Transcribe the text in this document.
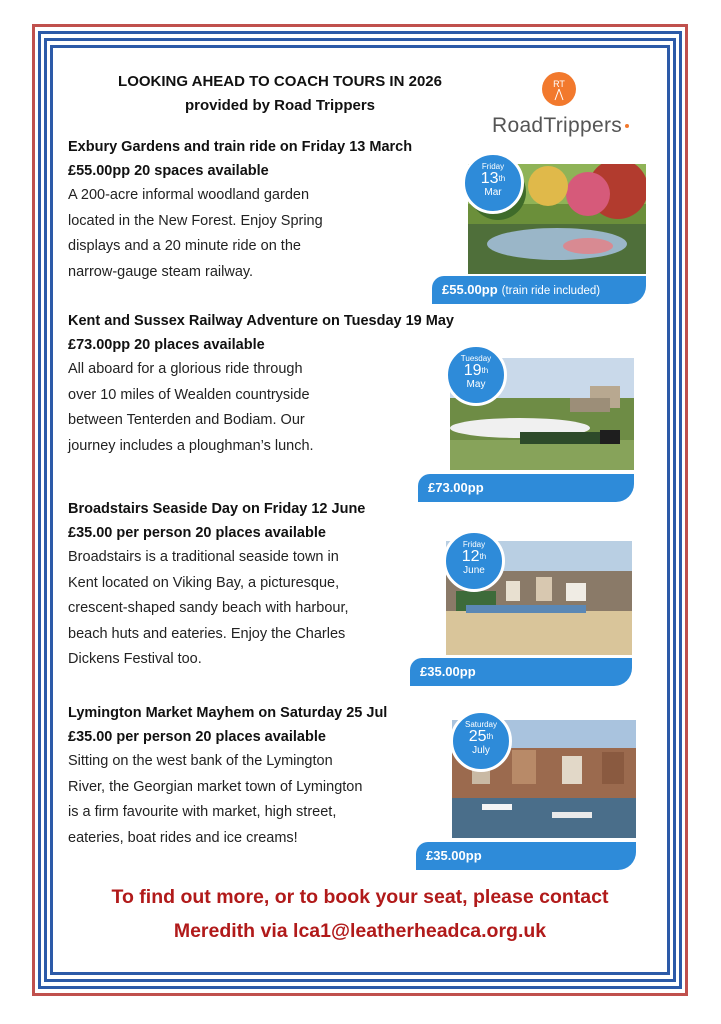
LOOKING AHEAD TO COACH TOURS IN 2026
provided by Road Trippers
RT
RoadTrippers
Exbury Gardens and train ride on Friday 13 March

£55.00pp 20 spaces available

A 200-acre informal woodland garden
located in the New Forest. Enjoy Spring
displays and a 20 minute ride on the
narrow-gauge steam railway.

£55.00pp (train ride included)
Friday
13th
Mar
Kent and Sussex Railway Adventure on Tuesday 19 May

£73.00pp 20 places available

All aboard for a glorious ride through
over 10 miles of Wealden countryside
between Tenterden and Bodiam. Our
journey includes a ploughman’s lunch.

£73.00pp
Tuesday
19th
May
Broadstairs Seaside Day on Friday 12 June

£35.00 per person 20 places available

Broadstairs is a traditional seaside town in
Kent located on Viking Bay, a picturesque,
crescent-shaped sandy beach with harbour,
beach huts and eateries. Enjoy the Charles
Dickens Festival too.

£35.00pp
Friday
12th
June
Lymington Market Mayhem on Saturday 25 Jul

£35.00 per person 20 places available

Sitting on the west bank of the Lymington
River, the Georgian market town of Lymington
is a firm favourite with market, high street,
eateries, boat rides and ice creams!

£35.00pp
Saturday
25th
July
To find out more, or to book your seat, please contact
Meredith via lca1@leatherheadca.org.uk
